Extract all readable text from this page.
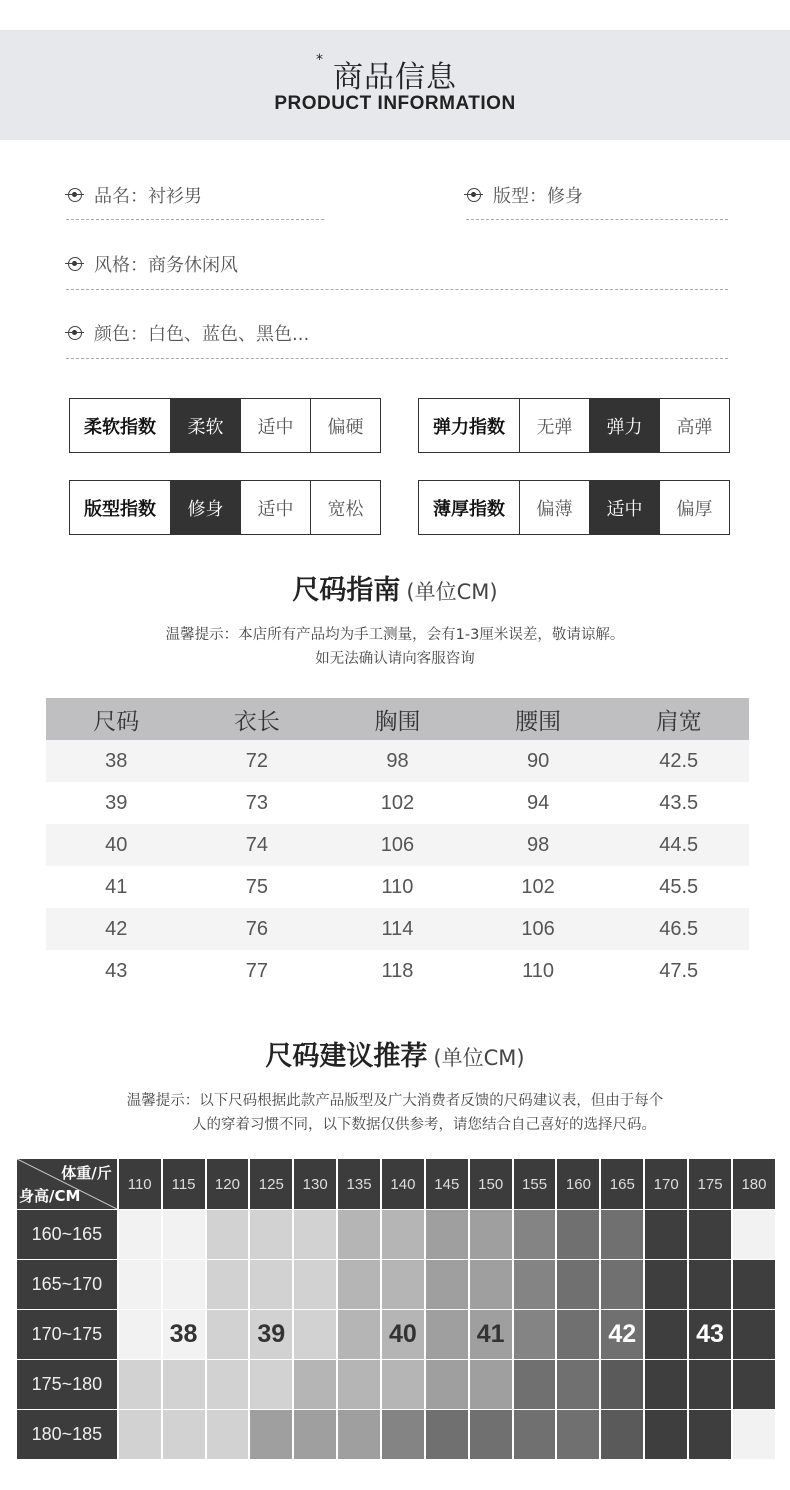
* 商品信息
PRODUCT INFORMATION
品名：衬衫男	版型：修身
风格：商务休闲风
颜色：白色、蓝色、黑色...
柔软指数	柔软	适中	偏硬	弹力指数	无弹	弹力	高弹
版型指数	修身	适中	宽松	薄厚指数	偏薄	适中	偏厚
尺码指南 (单位CM)
温馨提示：本店所有产品均为手工测量，会有1-3厘米误差，敬请谅解。
如无法确认请向客服咨询
尺码	衣长	胸围	腰围	肩宽
38	72	98	90	42.5
39	73	102	94	43.5
40	74	106	98	44.5
41	75	110	102	45.5
42	76	114	106	46.5
43	77	118	110	47.5
尺码建议推荐 (单位CM)
温馨提示：以下尺码根据此款产品版型及广大消费者反馈的尺码建议表，但由于每个
人的穿着习惯不同，以下数据仅供参考，请您结合自己喜好的选择尺码。
体重/斤
身高/CM	110	115	120	125	130	135	140	145	150	155	160	165	170	175	180
160~165															
165~170															
170~175		38		39			40		41			42		43	
175~180															
180~185															
